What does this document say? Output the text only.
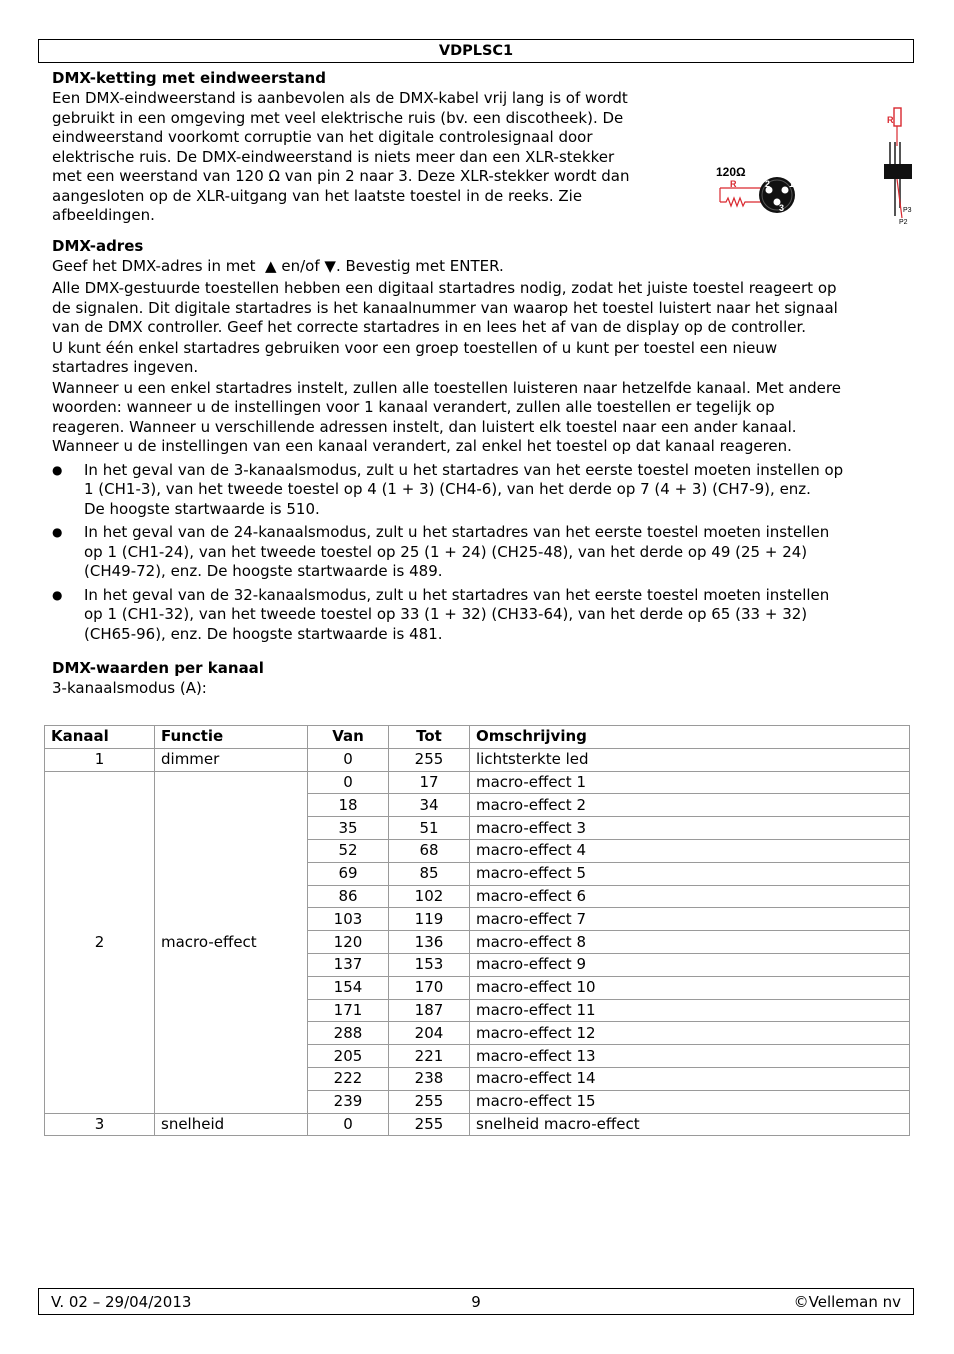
VDPLSC1
DMX-ketting met eindweerstand
Een DMX-eindweerstand is aanbevolen als de DMX-kabel vrij lang is of wordt
gebruikt in een omgeving met veel elektrische ruis (bv. een discotheek). De
eindweerstand voorkomt corruptie van het digitale controlesignaal door
elektrische ruis. De DMX-eindweerstand is niets meer dan een XLR-stekker
met een weerstand van 120 Ω van pin 2 naar 3. Deze XLR-stekker wordt dan
aangesloten op de XLR-uitgang van het laatste toestel in de reeks. Zie
afbeeldingen.
120Ω
R	2 1
3
R
P3
P2
DMX-adres

Geef het DMX-adres in met ▲ en/of ▼. Bevestig met ENTER.

Alle DMX-gestuurde toestellen hebben een digitaal startadres nodig, zodat het juiste toestel reageert op
de signalen. Dit digitale startadres is het kanaalnummer van waarop het toestel luistert naar het signaal
van de DMX controller. Geef het correcte startadres in en lees het af van de display op de controller.
U kunt één enkel startadres gebruiken voor een groep toestellen of u kunt per toestel een nieuw
startadres ingeven.
Wanneer u een enkel startadres instelt, zullen alle toestellen luisteren naar hetzelfde kanaal. Met andere
woorden: wanneer u de instellingen voor 1 kanaal verandert, zullen alle toestellen er tegelijk op
reageren. Wanneer u verschillende adressen instelt, dan luistert elk toestel naar een ander kanaal.
Wanneer u de instellingen van een kanaal verandert, zal enkel het toestel op dat kanaal reageren.
● In het geval van de 3-kanaalsmodus, zult u het startadres van het eerste toestel moeten instellen op
1 (CH1-3), van het tweede toestel op 4 (1 + 3) (CH4-6), van het derde op 7 (4 + 3) (CH7-9), enz.
De hoogste startwaarde is 510.
● In het geval van de 24-kanaalsmodus, zult u het startadres van het eerste toestel moeten instellen
op 1 (CH1-24), van het tweede toestel op 25 (1 + 24) (CH25-48), van het derde op 49 (25 + 24)
(CH49-72), enz. De hoogste startwaarde is 489.
● In het geval van de 32-kanaalsmodus, zult u het startadres van het eerste toestel moeten instellen
op 1 (CH1-32), van het tweede toestel op 33 (1 + 32) (CH33-64), van het derde op 65 (33 + 32)
(CH65-96), enz. De hoogste startwaarde is 481.
DMX-waarden per kanaal

3-kanaalsmodus (A):

Kanaal	Functie	Van	Tot	Omschrijving
1	dimmer	0	255	lichtsterkte led
2	macro-effect	0	17	macro-effect 1
		18	34	macro-effect 2
		35	51	macro-effect 3
		52	68	macro-effect 4
		69	85	macro-effect 5
		86	102	macro-effect 6
		103	119	macro-effect 7
		120	136	macro-effect 8
		137	153	macro-effect 9
		154	170	macro-effect 10
		171	187	macro-effect 11
		288	204	macro-effect 12
		205	221	macro-effect 13
		222	238	macro-effect 14
		239	255	macro-effect 15
3	snelheid	0	255	snelheid macro-effect
V. 02 – 29/04/2013	9	©Velleman nv
